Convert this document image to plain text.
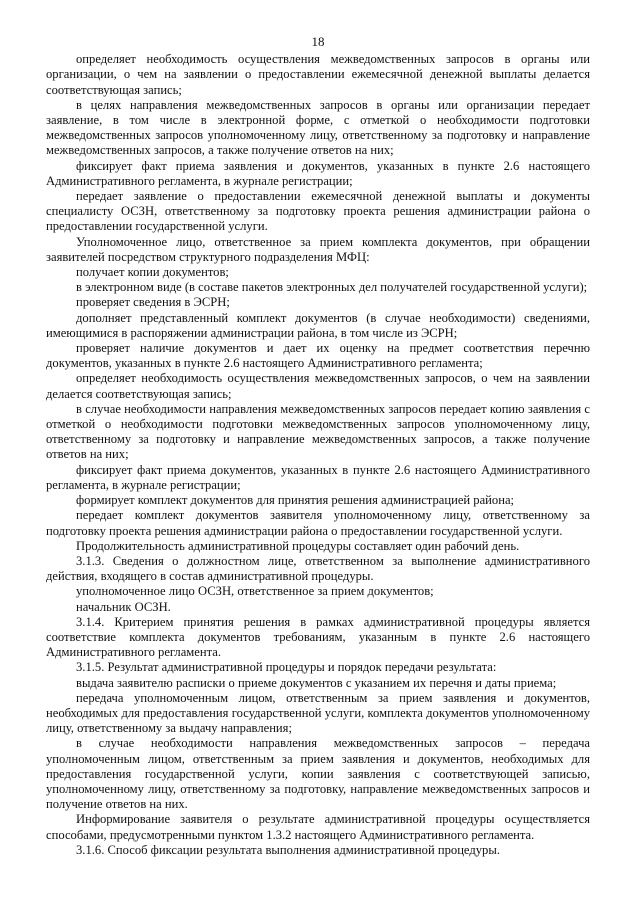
18

определяет необходимость осуществления межведомственных запросов в органы или организации, о чем на заявлении о предоставлении ежемесячной денежной выплаты делается соответствующая запись;

в целях направления межведомственных запросов в органы или организации передает заявление, в том числе в электронной форме, с отметкой о необходимости подготовки межведомственных запросов уполномоченному лицу, ответственному за подготовку и направление межведомственных запросов, а также получение ответов на них;

фиксирует факт приема заявления и документов, указанных в пункте 2.6 настоящего Административного регламента, в журнале регистрации;

передает заявление о предоставлении ежемесячной денежной выплаты и документы специалисту ОСЗН, ответственному за подготовку проекта решения администрации района о предоставлении государственной услуги.

Уполномоченное лицо, ответственное за прием комплекта документов, при обращении заявителей посредством структурного подразделения МФЦ:

получает копии документов;

в электронном виде (в составе пакетов электронных дел получателей государственной услуги);

проверяет сведения в ЭСРН;

дополняет представленный комплект документов (в случае необходимости) сведениями, имеющимися в распоряжении администрации района, в том числе из ЭСРН;

проверяет наличие документов и дает их оценку на предмет соответствия перечню документов, указанных в пункте 2.6 настоящего Административного регламента;

определяет необходимость осуществления межведомственных запросов, о чем на заявлении делается соответствующая запись;

в случае необходимости направления межведомственных запросов передает копию заявления с отметкой о необходимости подготовки межведомственных запросов уполномоченному лицу, ответственному за подготовку и направление межведомственных запросов, а также получение ответов на них;

фиксирует факт приема документов, указанных в пункте 2.6 настоящего Административного регламента, в журнале регистрации;

формирует комплект документов для принятия решения администрацией района;

передает комплект документов заявителя уполномоченному лицу, ответственному за подготовку проекта решения администрации района о предоставлении государственной услуги.

Продолжительность административной процедуры составляет один рабочий день.

3.1.3. Сведения о должностном лице, ответственном за выполнение административного действия, входящего в состав административной процедуры.

уполномоченное лицо ОСЗН, ответственное за прием документов;

начальник ОСЗН.

3.1.4. Критерием принятия решения в рамках административной процедуры является соответствие комплекта документов требованиям, указанным в пункте 2.6 настоящего Административного регламента.

3.1.5. Результат административной процедуры и порядок передачи результата:

выдача заявителю расписки о приеме документов с указанием их перечня и даты приема;

передача уполномоченным лицом, ответственным за прием заявления и документов, необходимых для предоставления государственной услуги, комплекта документов уполномоченному лицу, ответственному за выдачу направления;

в случае необходимости направления межведомственных запросов – передача уполномоченным лицом, ответственным за прием заявления и документов, необходимых для предоставления государственной услуги, копии заявления с соответствующей записью, уполномоченному лицу, ответственному за подготовку, направление межведомственных запросов и получение ответов на них.

Информирование заявителя о результате административной процедуры осуществляется способами, предусмотренными пунктом 1.3.2 настоящего Административного регламента.

3.1.6. Способ фиксации результата выполнения административной процедуры.
